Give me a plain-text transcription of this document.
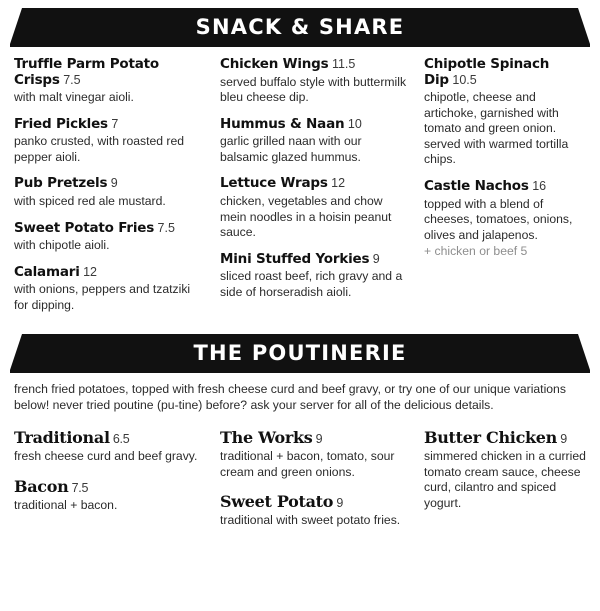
SNACK & SHARE
Truffle Parm Potato Crisps 7.5
with malt vinegar aioli.
Fried Pickles 7
panko crusted, with roasted red pepper aioli.
Pub Pretzels 9
with spiced red ale mustard.
Sweet Potato Fries 7.5
with chipotle aioli.
Calamari 12
with onions, peppers and tzatziki for dipping.
Chicken Wings 11.5
served buffalo style with buttermilk bleu cheese dip.
Hummus & Naan 10
garlic grilled naan with our balsamic glazed hummus.
Lettuce Wraps 12
chicken, vegetables and chow mein noodles in a hoisin peanut sauce.
Mini Stuffed Yorkies 9
sliced roast beef, rich gravy and a side of horseradish aioli.
Chipotle Spinach Dip 10.5
chipotle, cheese and artichoke, garnished with tomato and green onion. served with warmed tortilla chips.
Castle Nachos 16
topped with a blend of cheeses, tomatoes, onions, olives and jalapenos.
+ chicken or beef 5
THE POUTINERIE
french fried potatoes, topped with fresh cheese curd and beef gravy, or try one of our unique variations below! never tried poutine (pu-tine) before? ask your server for all of the delicious details.
Traditional 6.5
fresh cheese curd and beef gravy.
Bacon 7.5
traditional + bacon.
The Works 9
traditional + bacon, tomato, sour cream and green onions.
Sweet Potato 9
traditional with sweet potato fries.
Butter Chicken 9
simmered chicken in a curried tomato cream sauce, cheese curd, cilantro and spiced yogurt.
